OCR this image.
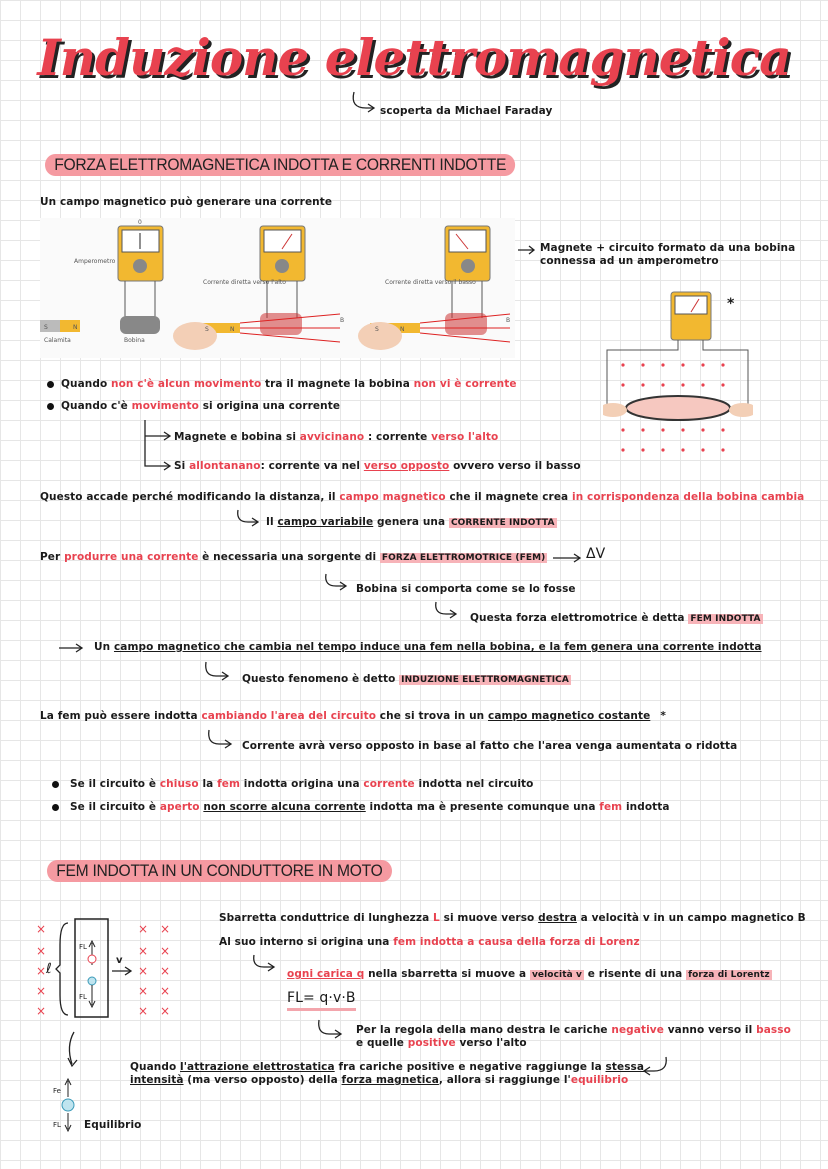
Induzione elettromagnetica
scoperta da Michael Faraday
FORZA ELETTROMAGNETICA INDOTTA E CORRENTI INDOTTE
Un campo magnetico può generare una corrente
Amperometro
0
Calamita	Bobina
S	N
Corrente diretta verso l'alto
B
S	N
Corrente diretta verso il basso
B
S	N
Magnete + circuito formato da una bobina connessa ad un amperometro
*
Quando non c'è alcun movimento tra il magnete la bobina non vi è corrente
Quando c'è movimento si origina una corrente
Magnete e bobina si avvicinano : corrente verso l'alto
Si allontanano: corrente va nel verso opposto ovvero verso il basso
Questo accade perché modificando la distanza, il campo magnetico che il magnete crea in corrispondenza della bobina cambia
Il campo variabile genera una CORRENTE INDOTTA
Per produrre una corrente è necessaria una sorgente di FORZA ELETTROMOTRICE (FEM)	ΔV
Bobina si comporta come se lo fosse
Questa forza elettromotrice è detta FEM INDOTTA
Un campo magnetico che cambia nel tempo induce una fem nella bobina, e la fem genera una corrente indotta
Questo fenomeno è detto INDUZIONE ELETTROMAGNETICA
La fem può essere indotta cambiando l'area del circuito che si trova in un campo magnetico costante *
Corrente avrà verso opposto in base al fatto che l'area venga aumentata o ridotta
Se il circuito è chiuso la fem indotta origina una corrente indotta nel circuito
Se il circuito è aperto non scorre alcuna corrente indotta ma è presente comunque una fem indotta
FEM INDOTTA IN UN CONDUTTORE IN MOTO
×
×
×
×
×
×
×
×
×
×
×
×
×
×
×
ℓ
FL
FL
v
Fe
FL Equilibrio
Sbarretta conduttrice di lunghezza L si muove verso destra a velocità v in un campo magnetico B
Al suo interno si origina una fem indotta a causa della forza di Lorenz
ogni carica q nella sbarretta si muove a velocità v e risente di una forza di Lorentz
FL= q·v·B
Per la regola della mano destra le cariche negative vanno verso il basso
e quelle positive verso l'alto
Quando l'attrazione elettrostatica fra cariche positive e negative raggiunge la stessa
intensità (ma verso opposto) della forza magnetica, allora si raggiunge l'equilibrio
